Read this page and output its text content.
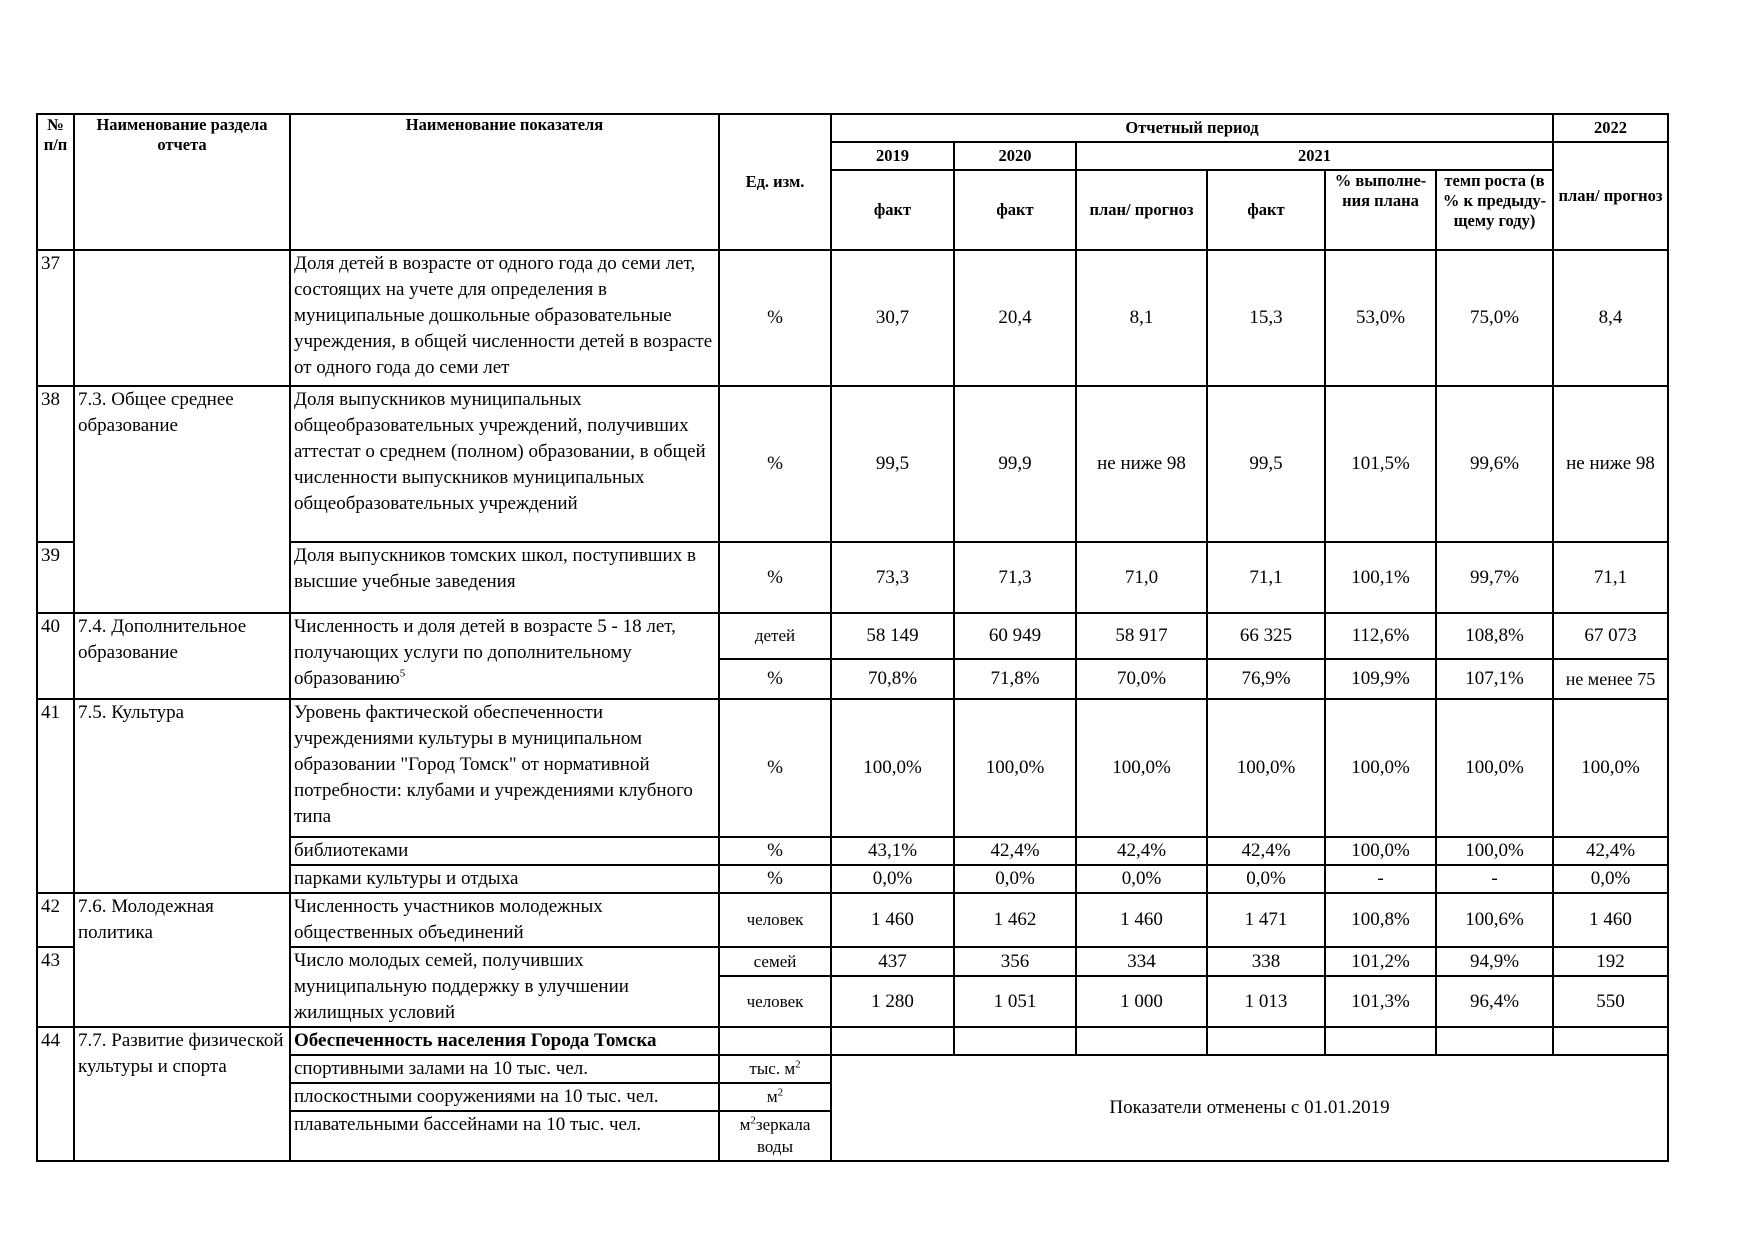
№ п/п	Наименование раздела отчета	Наименование показателя	Ед. изм.	Отчетный период						2022
				2019	2020	2021				план/ прогноз
				факт	факт	план/ прогноз	факт	% выполне-ния плана	темп роста (в % к предыду-щему году)	
37		Доля детей в возрасте от одного года до семи лет, состоящих на учете для определения в муниципальные дошкольные образовательные учреждения, в общей численности детей в возрасте от одного года до семи лет	%	30,7	20,4	8,1	15,3	53,0%	75,0%	8,4
38	7.3. Общее среднее образование	Доля выпускников муниципальных общеобразовательных учреждений, получивших аттестат о среднем (полном) образовании, в общей численности выпускников муниципальных общеобразовательных учреждений	%	99,5	99,9	не ниже 98	99,5	101,5%	99,6%	не ниже 98
39		Доля выпускников томских школ, поступивших в высшие учебные заведения	%	73,3	71,3	71,0	71,1	100,1%	99,7%	71,1
40	7.4. Дополнительное образование	Численность и доля детей в возрасте 5 - 18 лет, получающих услуги по дополнительному образованию$^5$	детей	58 149	60 949	58 917	66 325	112,6%	108,8%	67 073
			%	70,8%	71,8%	70,0%	76,9%	109,9%	107,1%	не менее 75
41	7.5. Культура	Уровень фактической обеспеченности учреждениями культуры в муниципальном образовании "Город Томск" от нормативной потребности: клубами и учреждениями клубного типа	%	100,0%	100,0%	100,0%	100,0%	100,0%	100,0%	100,0%
		библиотеками	%	43,1%	42,4%	42,4%	42,4%	100,0%	100,0%	42,4%
		парками культуры и отдыха	%	0,0%	0,0%	0,0%	0,0%	-	-	0,0%
42	7.6. Молодежная политика	Численность участников молодежных общественных объединений	человек	1 460	1 462	1 460	1 471	100,8%	100,6%	1 460
43		Число молодых семей, получивших муниципальную поддержку в улучшении жилищных условий	семей	437	356	334	338	101,2%	94,9%	192
			человек	1 280	1 051	1 000	1 013	101,3%	96,4%	550
44	7.7. Развитие физической культуры и спорта	Обеспеченность населения Города Томска								
		спортивными залами на 10 тыс. чел.	тыс. $м^2$	Показатели отменены с 01.01.2019						
		плоскостными сооружениями на 10 тыс. чел.	$м^2$
		плавательными бассейнами на 10 тыс. чел.	$м^2зеркала$ воды							
